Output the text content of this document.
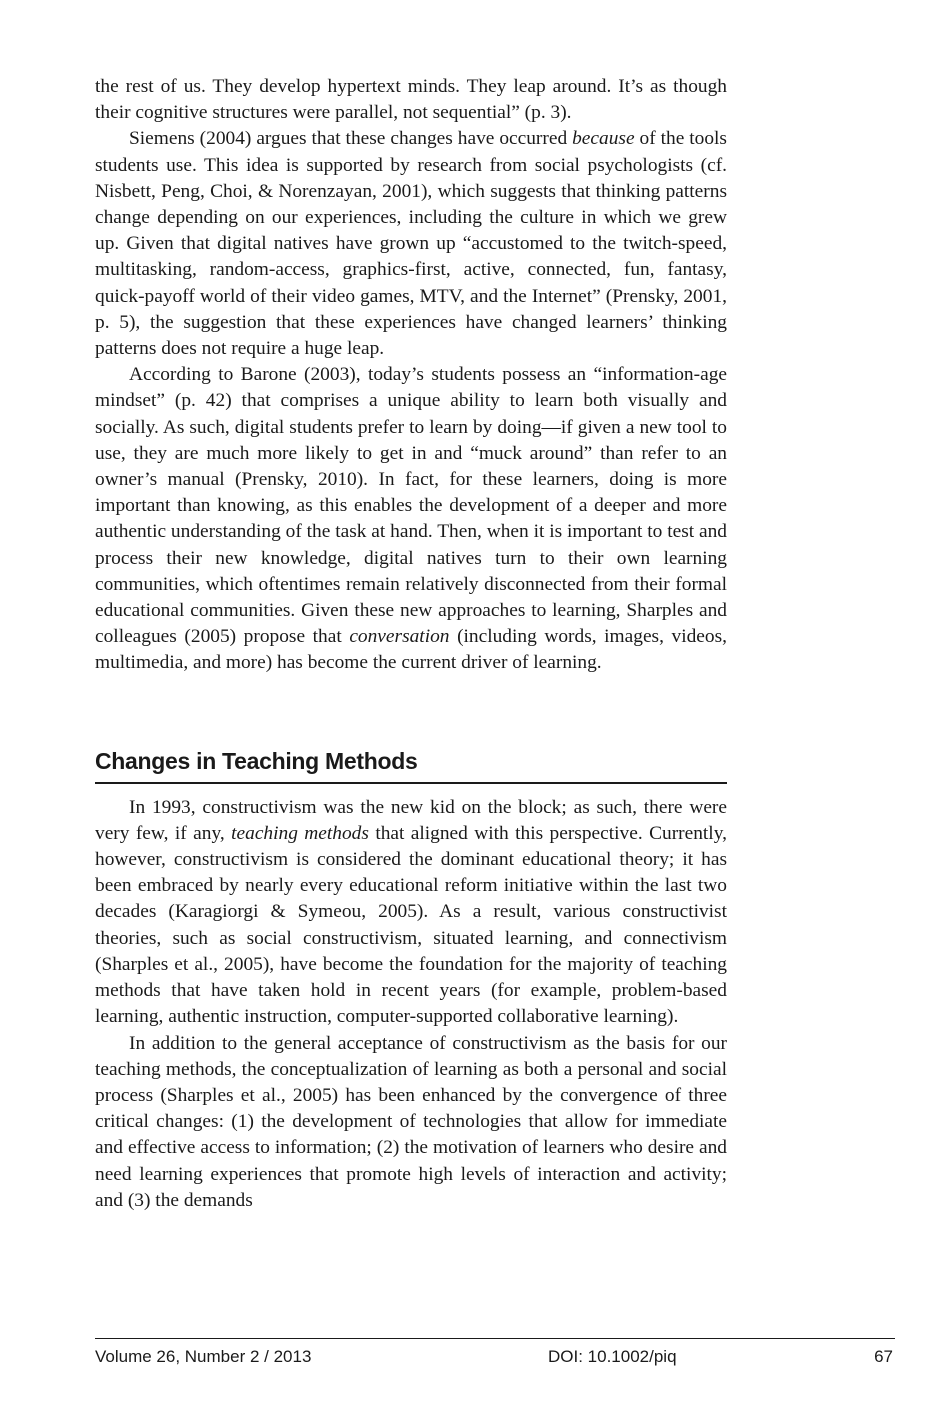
the rest of us. They develop hypertext minds. They leap around. It’s as though their cognitive structures were parallel, not sequential” (p. 3).

Siemens (2004) argues that these changes have occurred because of the tools students use. This idea is supported by research from social psychologists (cf. Nisbett, Peng, Choi, & Norenzayan, 2001), which suggests that thinking patterns change depending on our experiences, including the culture in which we grew up. Given that digital natives have grown up “accustomed to the twitch-speed, multitasking, random-access, graphics-first, active, connected, fun, fantasy, quick-payoff world of their video games, MTV, and the Internet” (Prensky, 2001, p. 5), the suggestion that these experiences have changed learners’ thinking patterns does not require a huge leap.

According to Barone (2003), today’s students possess an “information-age mindset” (p. 42) that comprises a unique ability to learn both visually and socially. As such, digital students prefer to learn by doing—if given a new tool to use, they are much more likely to get in and “muck around” than refer to an owner’s manual (Prensky, 2010). In fact, for these learners, doing is more important than knowing, as this enables the development of a deeper and more authentic understanding of the task at hand. Then, when it is important to test and process their new knowledge, digital natives turn to their own learning communities, which oftentimes remain relatively disconnected from their formal educational communities. Given these new approaches to learning, Sharples and colleagues (2005) propose that conversation (including words, images, videos, multimedia, and more) has become the current driver of learning.

Changes in Teaching Methods

In 1993, constructivism was the new kid on the block; as such, there were very few, if any, teaching methods that aligned with this perspective. Currently, however, constructivism is considered the dominant educational theory; it has been embraced by nearly every educational reform initiative within the last two decades (Karagiorgi & Symeou, 2005). As a result, various constructivist theories, such as social constructivism, situated learning, and connectivism (Sharples et al., 2005), have become the foundation for the majority of teaching methods that have taken hold in recent years (for example, problem-based learning, authentic instruction, computer-supported collaborative learning).

In addition to the general acceptance of constructivism as the basis for our teaching methods, the conceptualization of learning as both a personal and social process (Sharples et al., 2005) has been enhanced by the convergence of three critical changes: (1) the development of technologies that allow for immediate and effective access to information; (2) the motivation of learners who desire and need learning experiences that promote high levels of interaction and activity; and (3) the demands

Volume 26, Number 2 / 2013	DOI: 10.1002/piq	67
